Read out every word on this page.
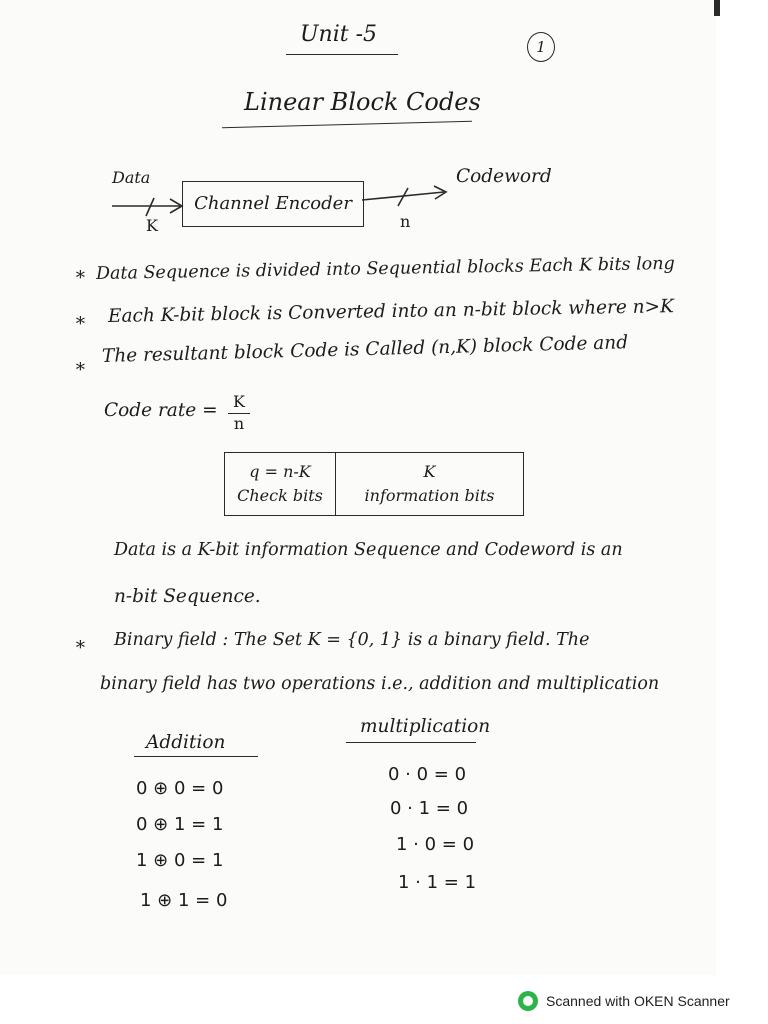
Unit -5	1
Linear Block Codes
Data
K
Channel Encoder
n
Codeword
∗ Data Sequence is divided into Sequential blocks Each K bits long
∗ Each K-bit block is Converted into an n-bit block where n>K
∗ The resultant block Code is Called (n,K) block Code and
Code rate = K
n
q = n-K
Check bits
K
information bits
Data is a K-bit information Sequence and Codeword is an
n-bit Sequence.
∗ Binary field : The Set K = {0, 1} is a binary field. The
binary field has two operations i.e., addition and multiplication
Addition
0 ⊕ 0 = 0
0 ⊕ 1 = 1
1 ⊕ 0 = 1
1 ⊕ 1 = 0
multiplication
0 · 0 = 0
0 · 1 = 0
1 · 0 = 0
1 · 1 = 1
Scanned with OKEN Scanner
